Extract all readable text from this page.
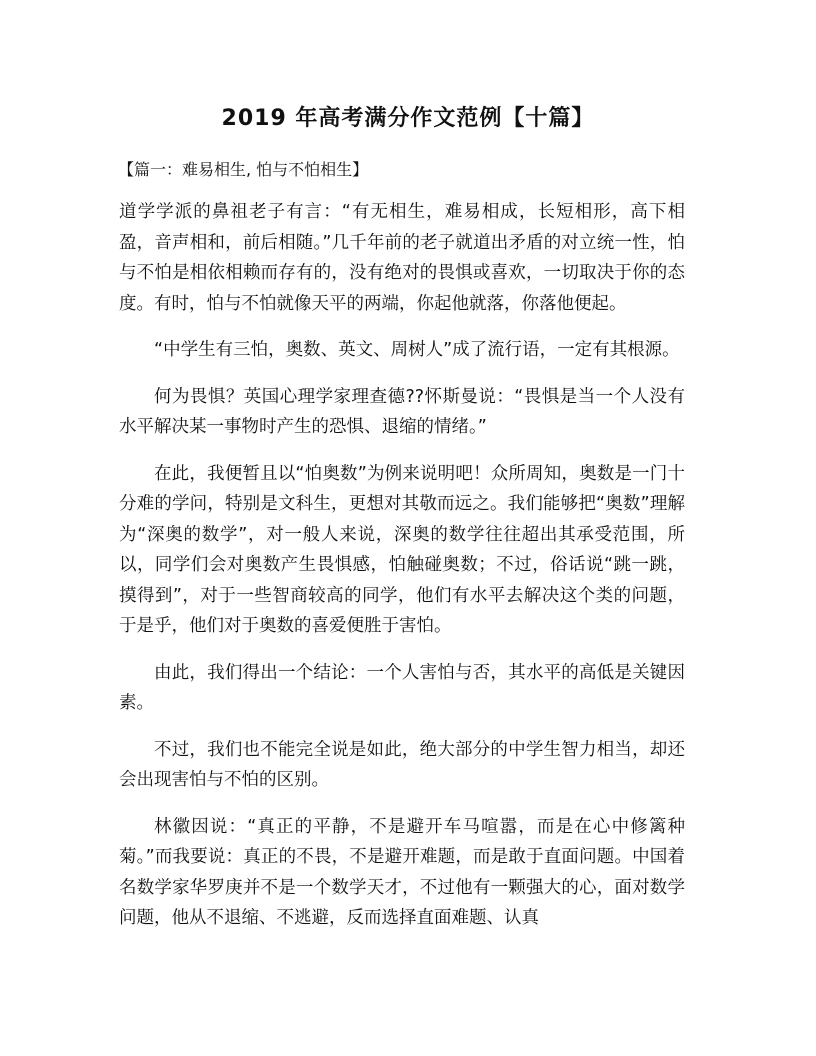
2019 年高考满分作文范例【十篇】

【篇一：难易相生, 怕与不怕相生】

道学学派的鼻祖老子有言：“有无相生，难易相成，长短相形，高下相盈，音声相和，前后相随。”几千年前的老子就道出矛盾的对立统一性，怕与不怕是相依相赖而存有的，没有绝对的畏惧或喜欢，一切取决于你的态度。有时，怕与不怕就像天平的两端，你起他就落，你落他便起。

“中学生有三怕，奥数、英文、周树人”成了流行语，一定有其根源。

何为畏惧？英国心理学家理查德??怀斯曼说：“畏惧是当一个人没有水平解决某一事物时产生的恐惧、退缩的情绪。”

在此，我便暂且以“怕奥数”为例来说明吧！众所周知，奥数是一门十分难的学问，特别是文科生，更想对其敬而远之。我们能够把“奥数”理解为“深奥的数学”，对一般人来说，深奥的数学往往超出其承受范围，所以，同学们会对奥数产生畏惧感，怕触碰奥数；不过，俗话说“跳一跳，摸得到”，对于一些智商较高的同学，他们有水平去解决这个类的问题，于是乎，他们对于奥数的喜爱便胜于害怕。

由此，我们得出一个结论：一个人害怕与否，其水平的高低是关键因素。

不过，我们也不能完全说是如此，绝大部分的中学生智力相当，却还会出现害怕与不怕的区别。

林徽因说：“真正的平静，不是避开车马喧嚣，而是在心中修篱种菊。”而我要说：真正的不畏，不是避开难题，而是敢于直面问题。中国着名数学家华罗庚并不是一个数学天才，不过他有一颗强大的心，面对数学问题，他从不退缩、不逃避，反而选择直面难题、认真
